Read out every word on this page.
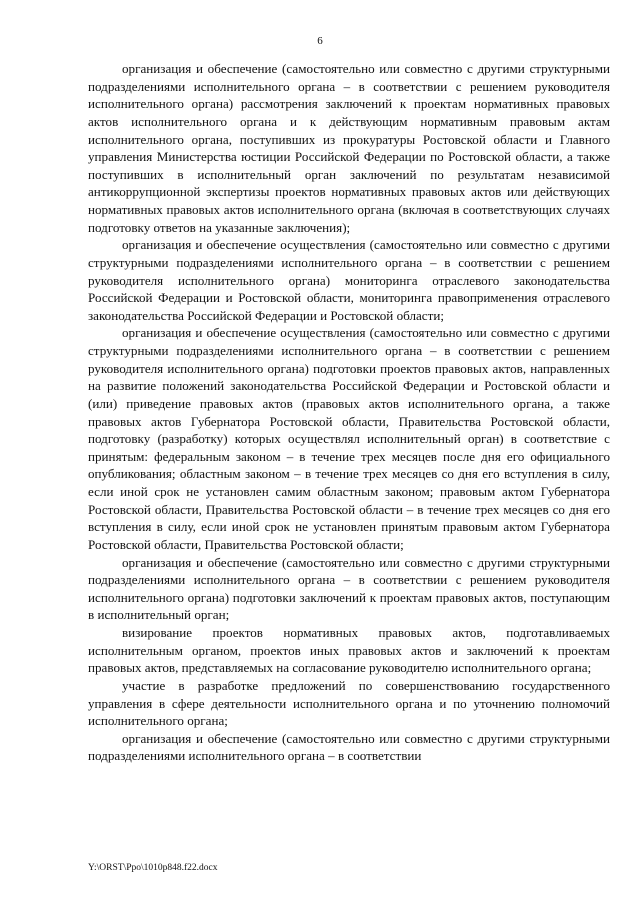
6

организация и обеспечение (самостоятельно или совместно с другими структурными подразделениями исполнительного органа – в соответствии с решением руководителя исполнительного органа) рассмотрения заключений к проектам нормативных правовых актов исполнительного органа и к действующим нормативным правовым актам исполнительного органа, поступивших из прокуратуры Ростовской области и Главного управления Министерства юстиции Российской Федерации по Ростовской области, а также поступивших в исполнительный орган заключений по результатам независимой антикоррупционной экспертизы проектов нормативных правовых актов или действующих нормативных правовых актов исполнительного органа (включая в соответствующих случаях подготовку ответов на указанные заключения);

организация и обеспечение осуществления (самостоятельно или совместно с другими структурными подразделениями исполнительного органа – в соответствии с решением руководителя исполнительного органа) мониторинга отраслевого законодательства Российской Федерации и Ростовской области, мониторинга правоприменения отраслевого законодательства Российской Федерации и Ростовской области;

организация и обеспечение осуществления (самостоятельно или совместно с другими структурными подразделениями исполнительного органа – в соответствии с решением руководителя исполнительного органа) подготовки проектов правовых актов, направленных на развитие положений законодательства Российской Федерации и Ростовской области и (или) приведение правовых актов (правовых актов исполнительного органа, а также правовых актов Губернатора Ростовской области, Правительства Ростовской области, подготовку (разработку) которых осуществлял исполнительный орган) в соответствие с принятым: федеральным законом – в течение трех месяцев после дня его официального опубликования; областным законом – в течение трех месяцев со дня его вступления в силу, если иной срок не установлен самим областным законом; правовым актом Губернатора Ростовской области, Правительства Ростовской области – в течение трех месяцев со дня его вступления в силу, если иной срок не установлен принятым правовым актом Губернатора Ростовской области, Правительства Ростовской области;

организация и обеспечение (самостоятельно или совместно с другими структурными подразделениями исполнительного органа – в соответствии с решением руководителя исполнительного органа) подготовки заключений к проектам правовых актов, поступающим в исполнительный орган;

визирование проектов нормативных правовых актов, подготавливаемых исполнительным органом, проектов иных правовых актов и заключений к проектам правовых актов, представляемых на согласование руководителю исполнительного органа;

участие в разработке предложений по совершенствованию государственного управления в сфере деятельности исполнительного органа и по уточнению полномочий исполнительного органа;

организация и обеспечение (самостоятельно или совместно с другими структурными подразделениями исполнительного органа – в соответствии

Y:\ORST\Ppo\1010p848.f22.docx
